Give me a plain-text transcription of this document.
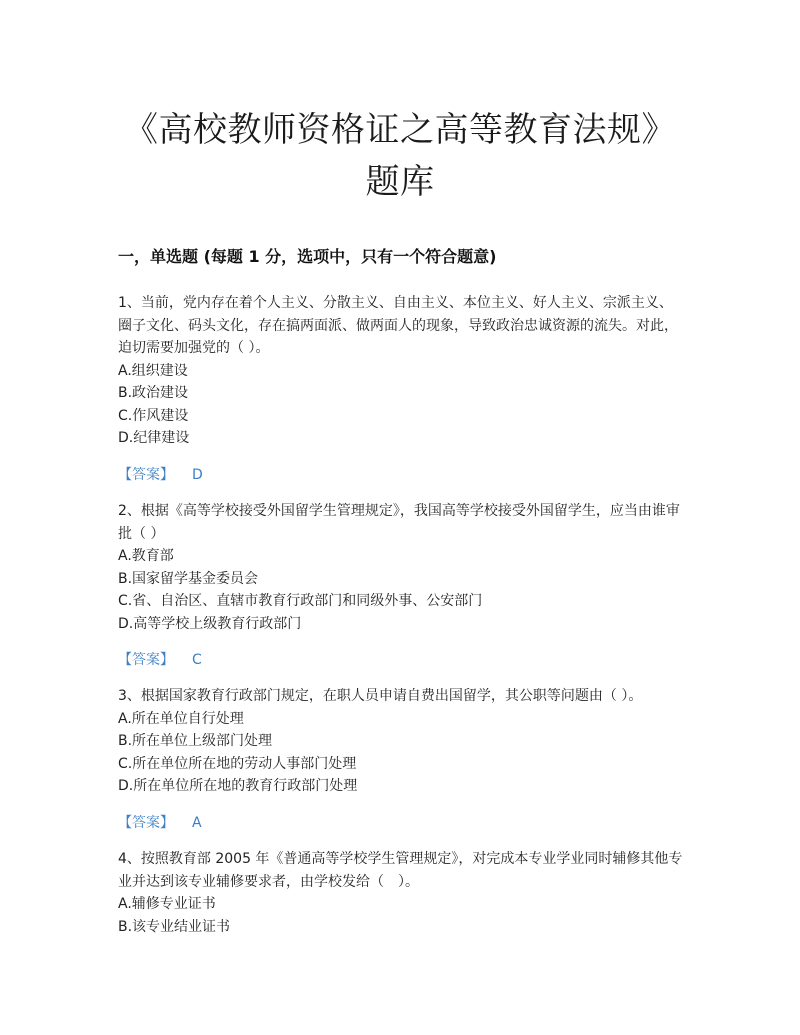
《高校教师资格证之高等教育法规》
题库
一，单选题 (每题 1 分，选项中，只有一个符合题意)

1、当前，党内存在着个人主义、分散主义、自由主义、本位主义、好人主义、宗派主义、圈子文化、码头文化，存在搞两面派、做两面人的现象，导致政治忠诚资源的流失。对此，迫切需要加强党的（ ）。

A.组织建设

B.政治建设

C.作风建设

D.纪律建设

【答案】 D

2、根据《高等学校接受外国留学生管理规定》，我国高等学校接受外国留学生，应当由谁审批（ ）

A.教育部

B.国家留学基金委员会

C.省、自治区、直辖市教育行政部门和同级外事、公安部门

D.高等学校上级教育行政部门

【答案】 C

3、根据国家教育行政部门规定，在职人员申请自费出国留学，其公职等问题由（ ）。

A.所在单位自行处理

B.所在单位上级部门处理

C.所在单位所在地的劳动人事部门处理

D.所在单位所在地的教育行政部门处理

【答案】 A

4、按照教育部 2005 年《普通高等学校学生管理规定》，对完成本专业学业同时辅修其他专业并达到该专业辅修要求者，由学校发给（　）。

A.辅修专业证书

B.该专业结业证书
